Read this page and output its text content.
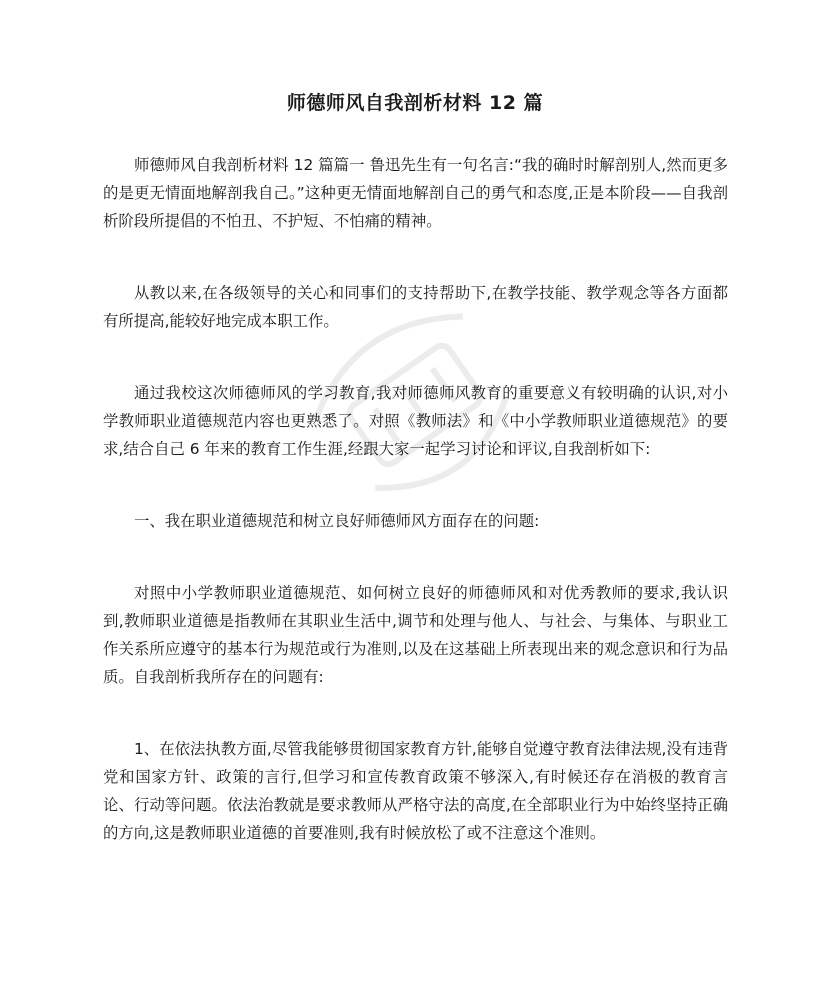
师德师风自我剖析材料 12 篇

师德师风自我剖析材料 12 篇篇一 鲁迅先生有一句名言:“我的确时时解剖别人,然而更多的是更无情面地解剖我自己。”这种更无情面地解剖自己的勇气和态度,正是本阶段——自我剖析阶段所提倡的不怕丑、不护短、不怕痛的精神。

从教以来,在各级领导的关心和同事们的支持帮助下,在教学技能、教学观念等各方面都有所提高,能较好地完成本职工作。

通过我校这次师德师风的学习教育,我对师德师风教育的重要意义有较明确的认识,对小学教师职业道德规范内容也更熟悉了。对照《教师法》和《中小学教师职业道德规范》的要求,结合自己 6 年来的教育工作生涯,经跟大家一起学习讨论和评议,自我剖析如下:

一、我在职业道德规范和树立良好师德师风方面存在的问题:

对照中小学教师职业道德规范、如何树立良好的师德师风和对优秀教师的要求,我认识到,教师职业道德是指教师在其职业生活中,调节和处理与他人、与社会、与集体、与职业工作关系所应遵守的基本行为规范或行为准则,以及在这基础上所表现出来的观念意识和行为品质。自我剖析我所存在的问题有:

1、在依法执教方面,尽管我能够贯彻国家教育方针,能够自觉遵守教育法律法规,没有违背党和国家方针、政策的言行,但学习和宣传教育政策不够深入,有时候还存在消极的教育言论、行动等问题。依法治教就是要求教师从严格守法的高度,在全部职业行为中始终坚持正确的方向,这是教师职业道德的首要准则,我有时候放松了或不注意这个准则。
